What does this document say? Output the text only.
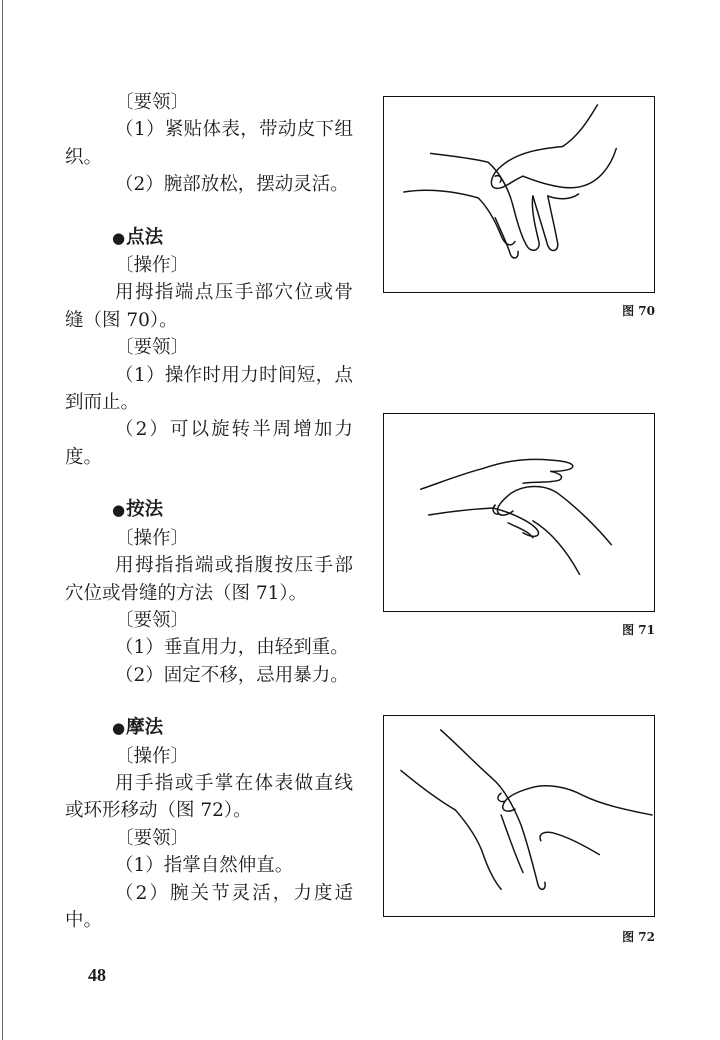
〔要领〕

（1）紧贴体表，带动皮下组织。

（2）腕部放松，摆动灵活。

●点法

〔操作〕

用拇指端点压手部穴位或骨缝（图 70）。

〔要领〕

（1）操作时用力时间短，点到而止。

（2）可以旋转半周增加力度。

●按法

〔操作〕

用拇指指端或指腹按压手部穴位或骨缝的方法（图 71）。

〔要领〕

（1）垂直用力，由轻到重。

（2）固定不移，忌用暴力。

●摩法

〔操作〕

用手指或手掌在体表做直线或环形移动（图 72）。

〔要领〕

（1）指掌自然伸直。

（2）腕关节灵活，力度适中。

图 70
图 71
图 72
48
